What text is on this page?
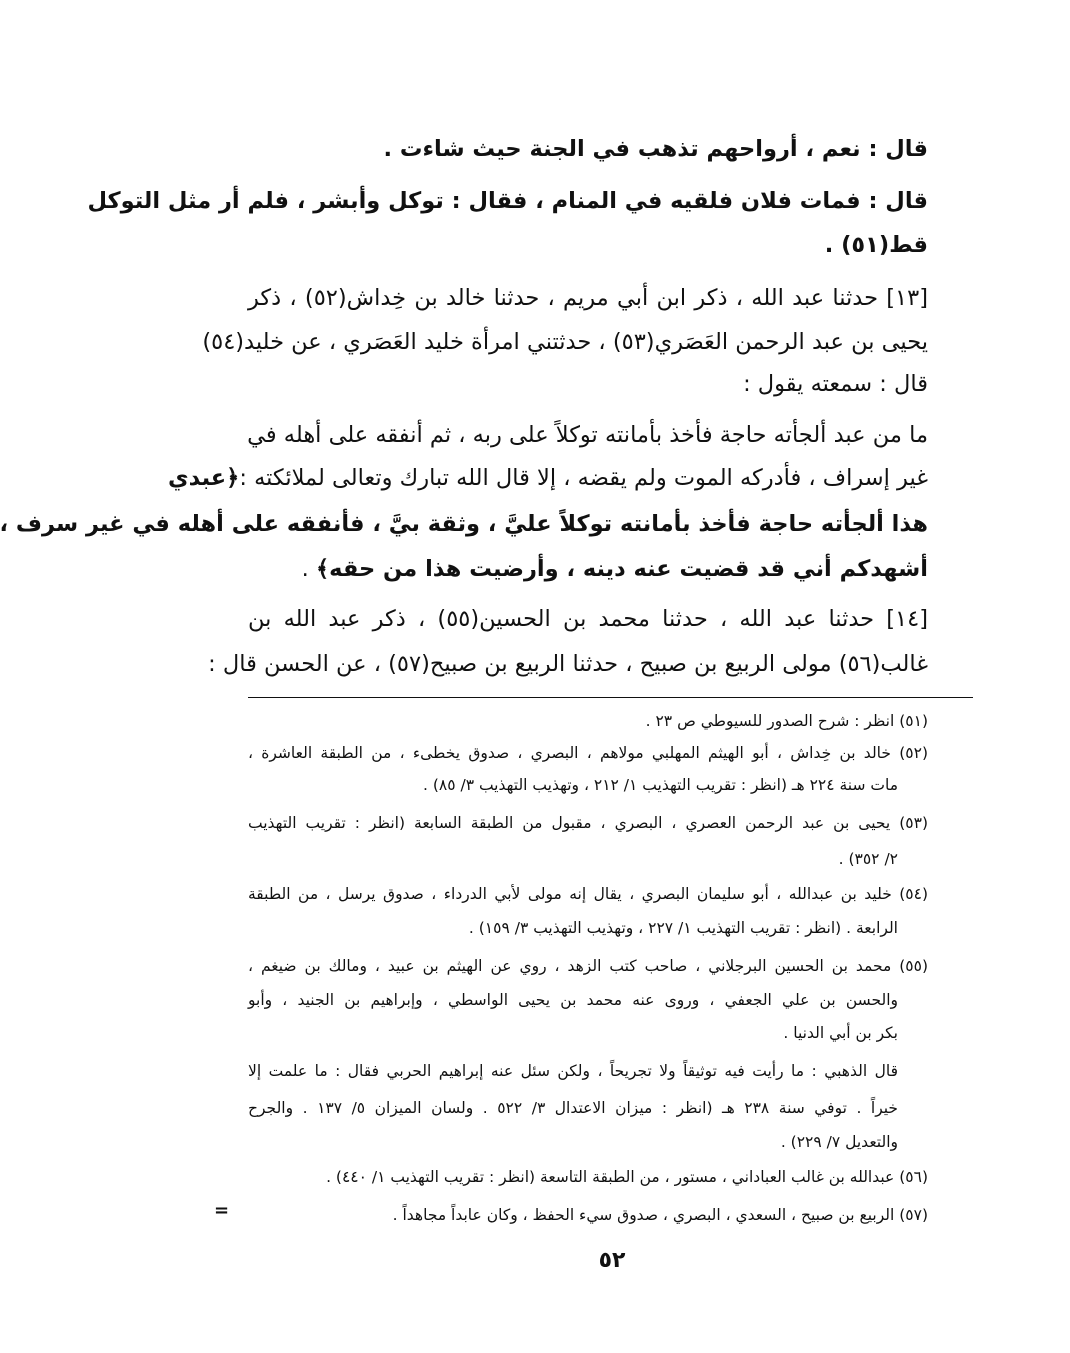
قال : نعم ، أرواحهم تذهب في الجنة حيث شاءت .
قال : فمات فلان فلقيه في المنام ، فقال : توكل وأبشر ، فلم أر مثل التوكل
قط(٥١) .
[١٣] حدثنا عبد الله ، ذكر ابن أبي مريم ، حدثنا خالد بن خِداش(٥٢) ، ذكر
يحيى بن عبد الرحمن العَصَري(٥٣) ، حدثتني امرأة خليد العَصَري ، عن خليد(٥٤)
قال : سمعته يقول :
ما من عبد ألجأته حاجة فأخذ بأمانته توكلاً على ربه ، ثم أنفقه على أهله في
غير إسراف ، فأدركه الموت ولم يقضه ، إلا قال الله تبارك وتعالى لملائكته :﴿عبدي
هذا ألجأته حاجة فأخذ بأمانته توكلاً عليَّ ، وثقة بيَّ ، فأنفقه على أهله في غير سرف ،
أشهدكم أني قد قضيت عنه دينه ، وأرضيت هذا من حقه﴾ .
[١٤] حدثنا عبد الله ، حدثنا محمد بن الحسين(٥٥) ، ذكر عبد الله بن
غالب(٥٦) مولى الربيع بن صبيح ، حدثنا الربيع بن صبيح(٥٧) ، عن الحسن قال :
(٥١) انظر : شرح الصدور للسيوطي ص ٢٣ .
(٥٢) خالد بن خِداش ، أبو الهيثم المهلبي مولاهم ، البصري ، صدوق يخطىء ، من الطبقة العاشرة ،
مات سنة ٢٢٤ هـ (انظر : تقريب التهذيب ١/ ٢١٢ ، وتهذيب التهذيب ٣/ ٨٥) .
(٥٣) يحيى بن عبد الرحمن العصري ، البصري ، مقبول من الطبقة السابعة (انظر : تقريب التهذيب
٢/ ٣٥٢) .
(٥٤) خليد بن عبدالله ، أبو سليمان البصري ، يقال إنه مولى لأبي الدرداء ، صدوق يرسل ، من الطبقة
الرابعة . (انظر : تقريب التهذيب ١/ ٢٢٧ ، وتهذيب التهذيب ٣/ ١٥٩) .
(٥٥) محمد بن الحسين البرجلاني ، صاحب كتب الزهد ، روي عن الهيثم بن عبيد ، ومالك بن ضيغم ،
والحسن بن علي الجعفي ، وروى عنه محمد بن يحيى الواسطي ، وإبراهيم بن الجنيد ، وأبو
بكر بن أبي الدنيا .
قال الذهبي : ما رأيت فيه توثيقاً ولا تجريحاً ، ولكن سئل عنه إبراهيم الحربي فقال : ما علمت إلا
خيراً . توفي سنة ٢٣٨ هـ (انظر : ميزان الاعتدال ٣/ ٥٢٢ . ولسان الميزان ٥/ ١٣٧ . والجرح
والتعديل ٧/ ٢٢٩) .
(٥٦) عبدالله بن غالب العباداني ، مستور ، من الطبقة التاسعة (انظر : تقريب التهذيب ١/ ٤٤٠) .
(٥٧) الربيع بن صبيح ، السعدي ، البصري ، صدوق سيء الحفظ ، وكان عابداً مجاهداً .
=
٥٢
